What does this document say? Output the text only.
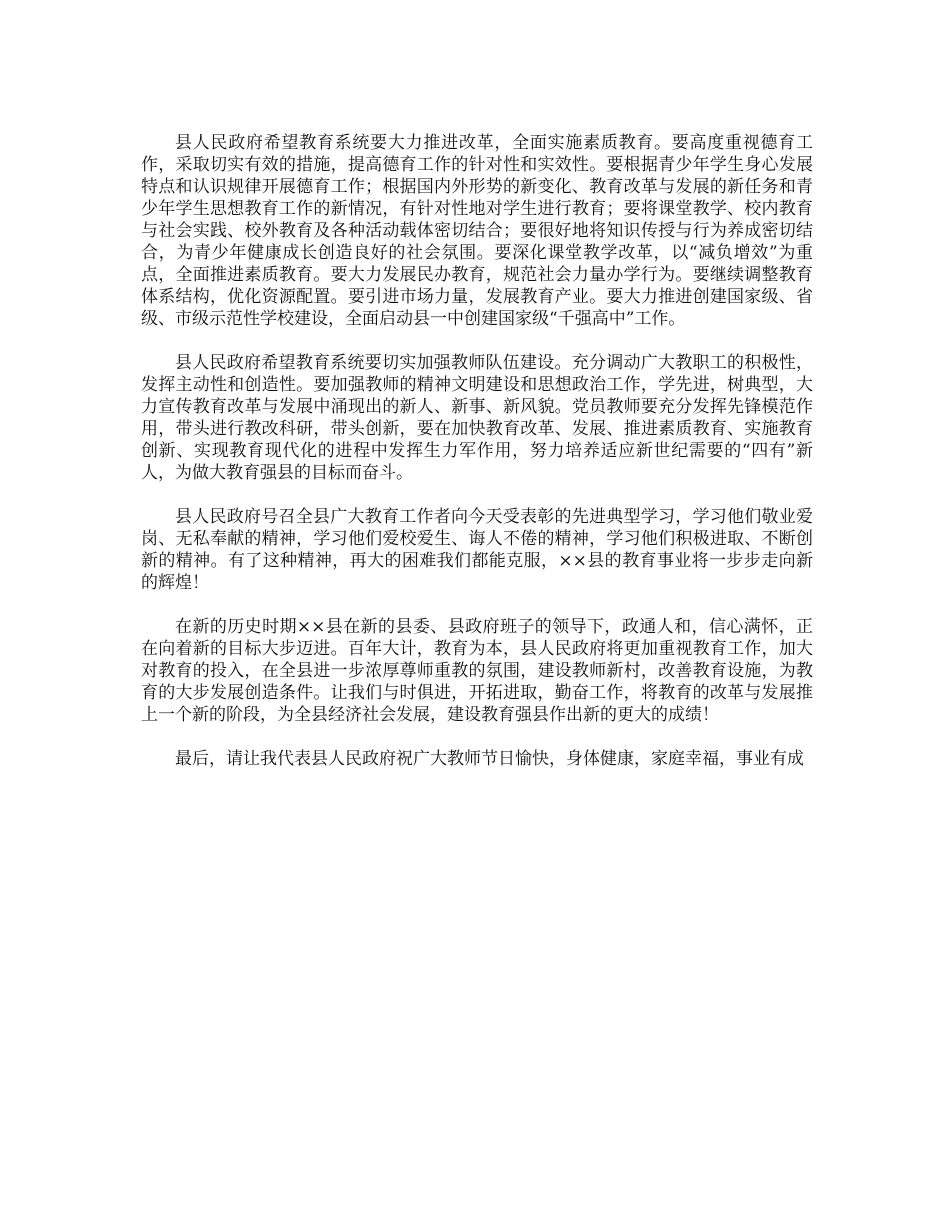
县人民政府希望教育系统要大力推进改革，全面实施素质教育。要高度重视德育工作，采取切实有效的措施，提高德育工作的针对性和实效性。要根据青少年学生身心发展特点和认识规律开展德育工作；根据国内外形势的新变化、教育改革与发展的新任务和青少年学生思想教育工作的新情况，有针对性地对学生进行教育；要将课堂教学、校内教育与社会实践、校外教育及各种活动载体密切结合；要很好地将知识传授与行为养成密切结合，为青少年健康成长创造良好的社会氛围。要深化课堂教学改革，以“减负增效”为重点，全面推进素质教育。要大力发展民办教育，规范社会力量办学行为。要继续调整教育体系结构，优化资源配置。要引进市场力量，发展教育产业。要大力推进创建国家级、省级、市级示范性学校建设，全面启动县一中创建国家级“千强高中”工作。

县人民政府希望教育系统要切实加强教师队伍建设。充分调动广大教职工的积极性，发挥主动性和创造性。要加强教师的精神文明建设和思想政治工作，学先进，树典型，大力宣传教育改革与发展中涌现出的新人、新事、新风貌。党员教师要充分发挥先锋模范作用，带头进行教改科研，带头创新，要在加快教育改革、发展、推进素质教育、实施教育创新、实现教育现代化的进程中发挥生力军作用，努力培养适应新世纪需要的“四有”新人，为做大教育强县的目标而奋斗。

县人民政府号召全县广大教育工作者向今天受表彰的先进典型学习，学习他们敬业爱岗、无私奉献的精神，学习他们爱校爱生、诲人不倦的精神，学习他们积极进取、不断创新的精神。有了这种精神，再大的困难我们都能克服，××县的教育事业将一步步走向新的辉煌！

在新的历史时期××县在新的县委、县政府班子的领导下，政通人和，信心满怀，正在向着新的目标大步迈进。百年大计，教育为本，县人民政府将更加重视教育工作，加大对教育的投入，在全县进一步浓厚尊师重教的氛围，建设教师新村，改善教育设施，为教育的大步发展创造条件。让我们与时俱进，开拓进取，勤奋工作，将教育的改革与发展推上一个新的阶段，为全县经济社会发展，建设教育强县作出新的更大的成绩！

最后，请让我代表县人民政府祝广大教师节日愉快，身体健康，家庭幸福，事业有成
